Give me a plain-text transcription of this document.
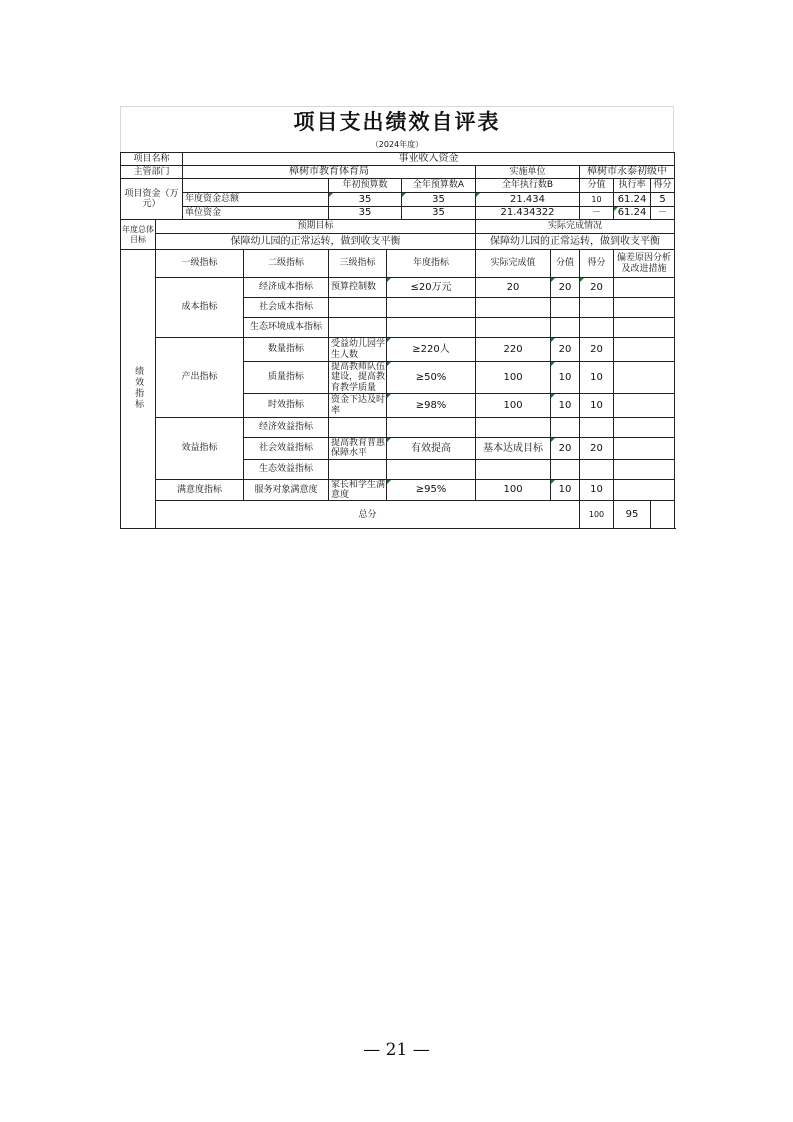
项目支出绩效自评表
（2024年度）
项目名称		事业收入资金									
主管部门		樟树市教育体育局					实施单位		樟树市永泰初级中		
项目资金（万元）				年初预算数		全年预算数A	全年执行数B		分值	执行率	得分
		年度资金总额		35		35	21.434		10	61.24	5
		单位资金		35		35	21.434322		－	61.24	－
年度总体目标	预期目标						实际完成情况				
	保障幼儿园的正常运转，做到收支平衡						保障幼儿园的正常运转，做到收支平衡				
绩效指标	一级指标		二级指标	三级指标	年度指标		实际完成值	分值	得分	偏差原因分析及改进措施	
	成本指标		经济成本指标	预算控制数	≤20万元		20	20	20		
			社会成本指标								
			生态环境成本指标								
	产出指标		数量指标	受益幼儿园学生人数	≥220人		220	20	20		
			质量指标	提高教师队伍建设，提高教育教学质量	≥50%		100	10	10		
			时效指标	资金下达及时率	≥98%		100	10	10		
	效益指标		经济效益指标								
			社会效益指标	提高教育普惠保障水平	有效提高		基本达成目标	20	20		
			生态效益指标								
	满意度指标		服务对象满意度	家长和学生满意度	≥95%		100	10	10		
	总分								100	95	
— 21 —
